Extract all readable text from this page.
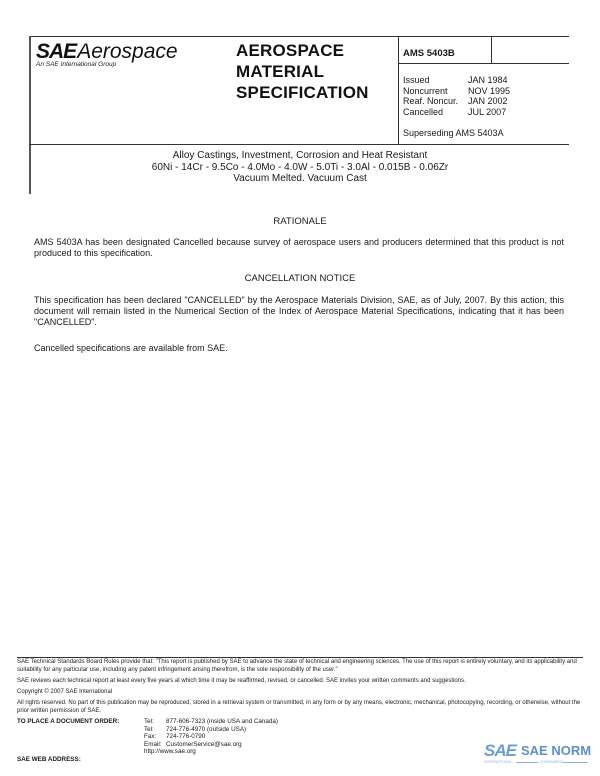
SAEAerospace
An SAE International Group
AEROSPACE
MATERIAL
SPECIFICATION
AMS 5403B
Issued	JAN 1984
Noncurrent	NOV 1995
Reaf. Noncur.	JAN 2002
Cancelled	JUL 2007
Superseding AMS 5403A
Alloy Castings, Investment, Corrosion and Heat Resistant
60Ni - 14Cr - 9.5Co - 4.0Mo - 4.0W - 5.0Ti - 3.0Al - 0.015B - 0.06Zr
Vacuum Melted. Vacuum Cast
RATIONALE
AMS 5403A has been designated Cancelled because survey of aerospace users and producers determined that this product is not produced to this specification.
CANCELLATION NOTICE
This specification has been declared "CANCELLED" by the Aerospace Materials Division, SAE, as of July, 2007. By this action, this document will remain listed in the Numerical Section of the Index of Aerospace Material Specifications, indicating that it has been "CANCELLED".
Cancelled specifications are available from SAE.
SAE Technical Standards Board Rules provide that: "This report is published by SAE to advance the state of technical and engineering sciences. The use of this report is entirely voluntary, and its applicability and suitability for any particular use, including any patent infringement arising therefrom, is the sole responsibility of the user."
SAE reviews each technical report at least every five years at which time it may be reaffirmed, revised, or cancelled. SAE invites your written comments and suggestions.
Copyright © 2007 SAE International
All rights reserved. No part of this publication may be reproduced, stored in a retrieval system or transmitted, in any form or by any means, electronic, mechanical, photocopying, recording, or otherwise, without the prior written permission of SAE.
TO PLACE A DOCUMENT ORDER:	Tel:	877-606-7323 (inside USA and Canada)
Tel:	724-776-4970 (outside USA)
Fax:	724-776-0790
Email: CustomerService@sae.org
http://www.sae.org
SAE WEB ADDRESS:	SAE SAE NORM
INTERNATIONAL	STANDARDS
